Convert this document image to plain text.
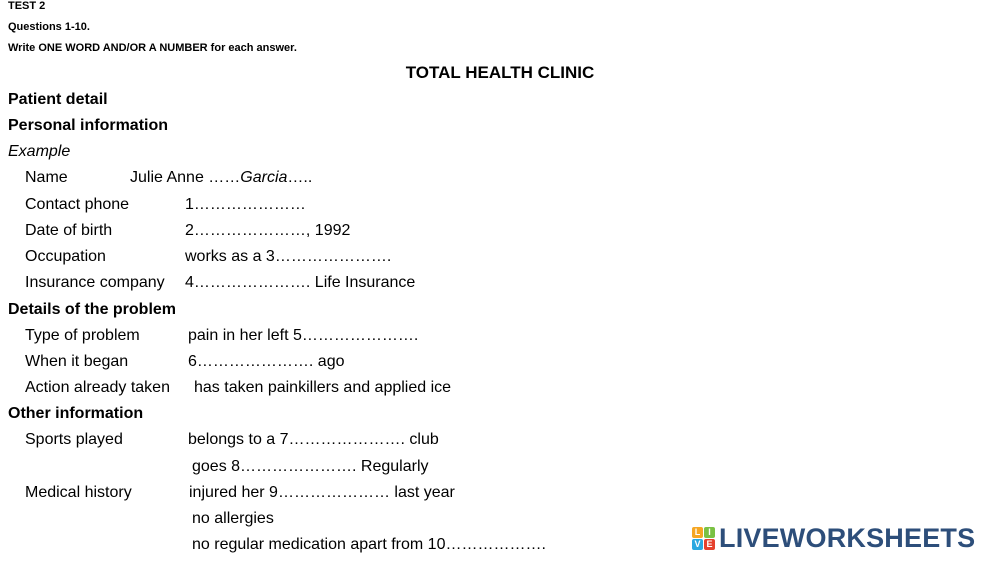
TEST 2
Questions 1-10.
Write ONE WORD AND/OR A NUMBER for each answer.
TOTAL HEALTH CLINIC
Patient detail
Personal information
Example
Name	Julie Anne ……Garcia…..
Contact phone	1…………………
Date of birth	2…………………, 1992
Occupation	works as a 3………………….
Insurance company 4…………………. Life Insurance
Details of the problem
Type of problem	pain in her left 5………………….
When it began	6…………………. ago
Action already taken has taken painkillers and applied ice
Other information
Sports played	belongs to a 7…………………. club
goes 8…………………. Regularly
Medical history	injured her 9………………… last year
no allergies
no regular medication apart from 10……………….
L I
V E LIVEWORKSHEETS
